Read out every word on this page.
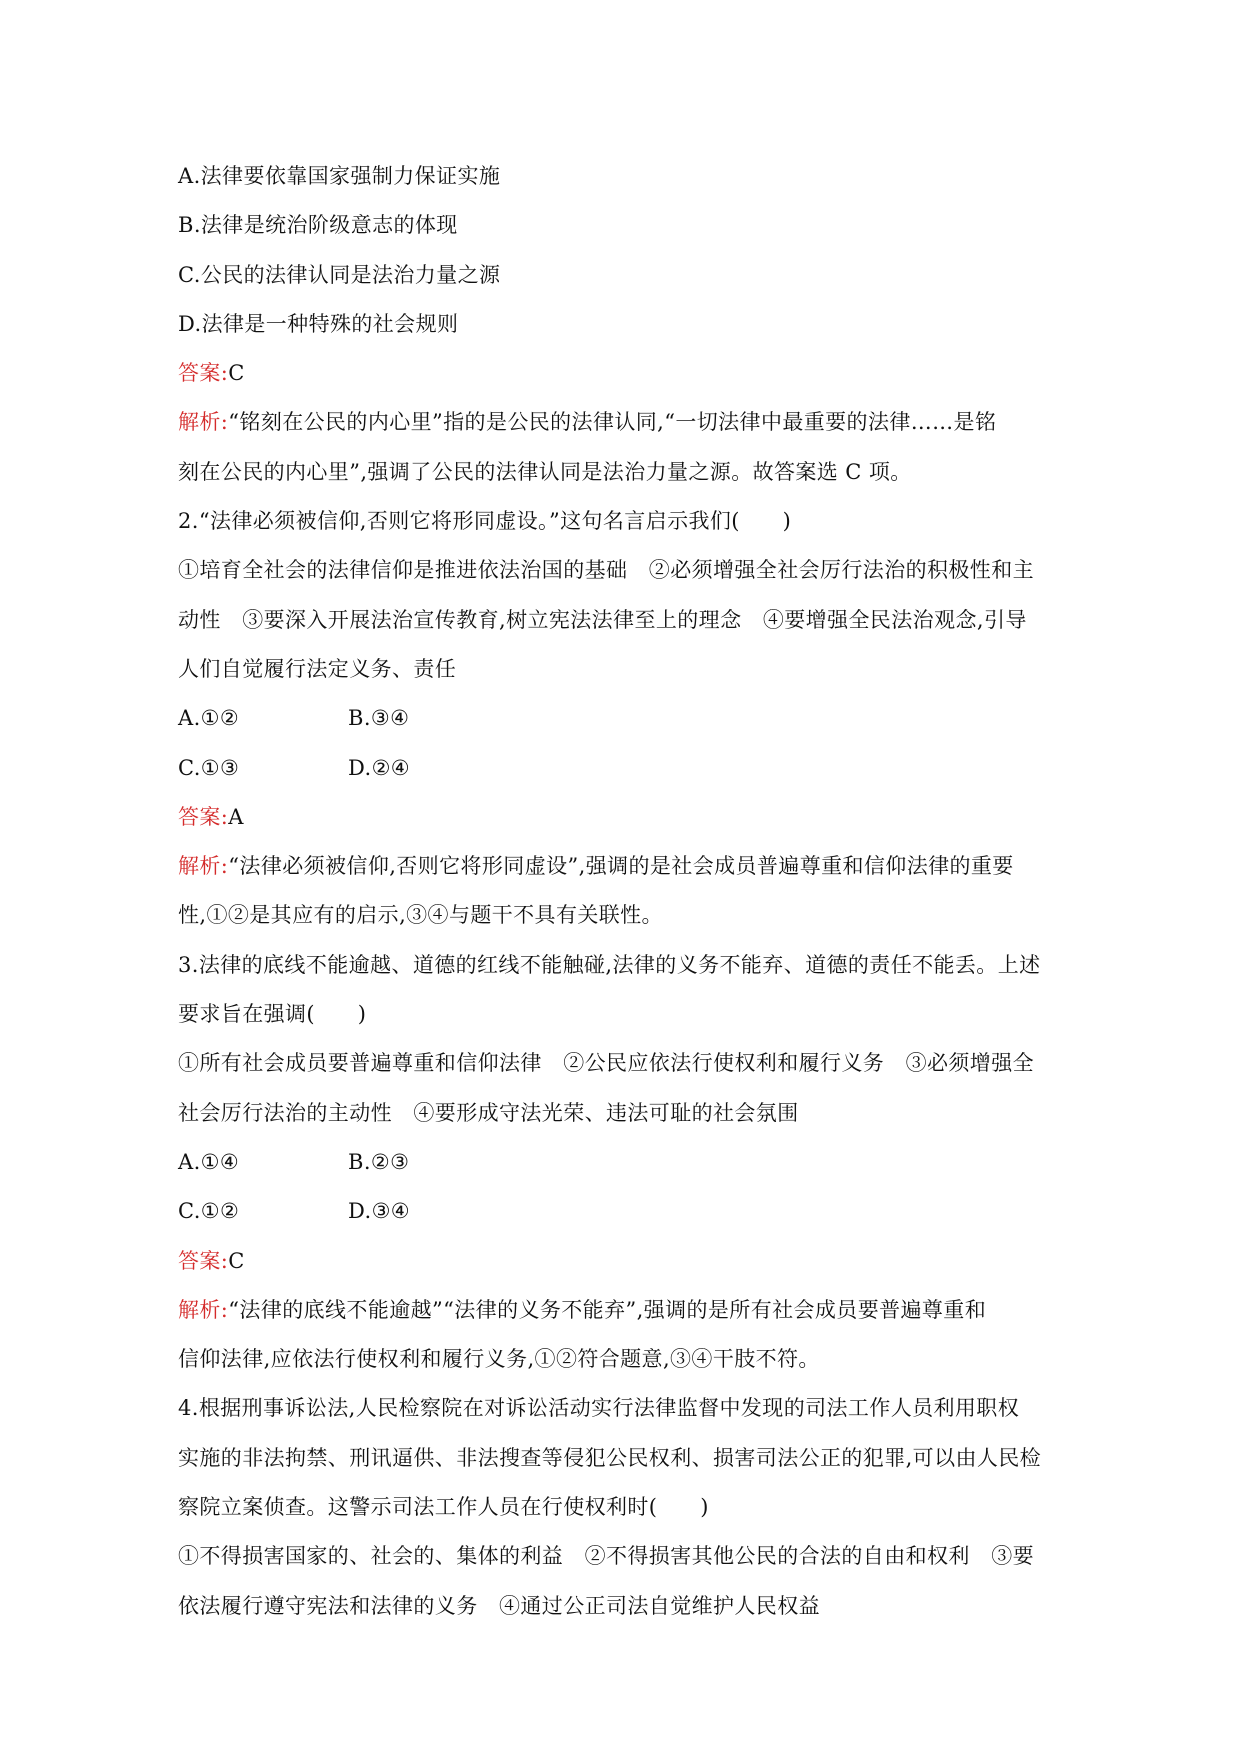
A.法律要依靠国家强制力保证实施
B.法律是统治阶级意志的体现
C.公民的法律认同是法治力量之源
D.法律是一种特殊的社会规则
答案:C
解析:“铭刻在公民的内心里”指的是公民的法律认同,“一切法律中最重要的法律……是铭
刻在公民的内心里”,强调了公民的法律认同是法治力量之源。故答案选 C 项。
2.“法律必须被信仰,否则它将形同虚设。”这句名言启示我们(　　)
①培育全社会的法律信仰是推进依法治国的基础　②必须增强全社会厉行法治的积极性和主
动性　③要深入开展法治宣传教育,树立宪法法律至上的理念　④要增强全民法治观念,引导
人们自觉履行法定义务、责任
A.①②	B.③④
C.①③	D.②④
答案:A
解析:“法律必须被信仰,否则它将形同虚设”,强调的是社会成员普遍尊重和信仰法律的重要
性,①②是其应有的启示,③④与题干不具有关联性。
3.法律的底线不能逾越、道德的红线不能触碰,法律的义务不能弃、道德的责任不能丢。上述
要求旨在强调(　　)
①所有社会成员要普遍尊重和信仰法律　②公民应依法行使权利和履行义务　③必须增强全
社会厉行法治的主动性　④要形成守法光荣、违法可耻的社会氛围
A.①④	B.②③
C.①②	D.③④
答案:C
解析:“法律的底线不能逾越”“法律的义务不能弃”,强调的是所有社会成员要普遍尊重和
信仰法律,应依法行使权利和履行义务,①②符合题意,③④干肢不符。
4.根据刑事诉讼法,人民检察院在对诉讼活动实行法律监督中发现的司法工作人员利用职权
实施的非法拘禁、刑讯逼供、非法搜查等侵犯公民权利、损害司法公正的犯罪,可以由人民检
察院立案侦查。这警示司法工作人员在行使权利时(　　)
①不得损害国家的、社会的、集体的利益　②不得损害其他公民的合法的自由和权利　③要
依法履行遵守宪法和法律的义务　④通过公正司法自觉维护人民权益
